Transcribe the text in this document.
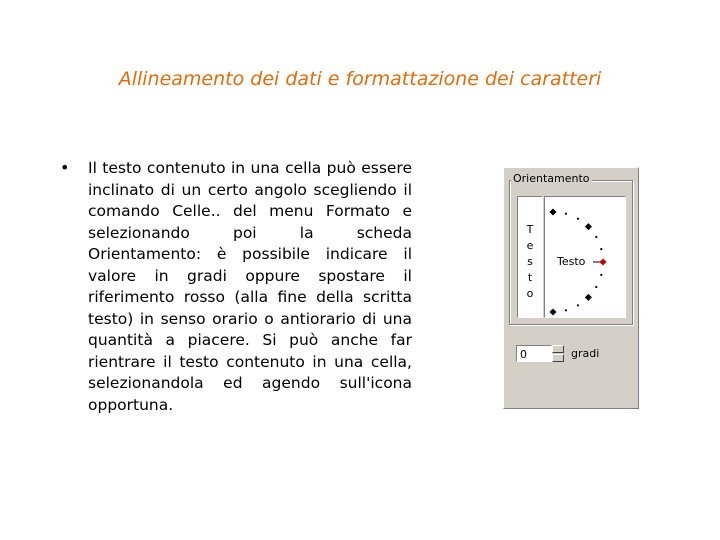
Allineamento dei dati e formattazione dei caratteri
• Il testo contenuto in una cella può essere inclinato di un certo angolo scegliendo il comando Celle.. del menu Formato e selezionando poi la scheda Orientamento: è possibile indicare il valore in gradi oppure spostare il riferimento rosso (alla fine della scritta testo) in senso orario o antiorario di una quantità a piacere. Si può anche far rientrare il testo contenuto in una cella, selezionandola ed agendo sull'icona opportuna.
Orientamento
T
e
s
t
o
Testo
0	gradi
